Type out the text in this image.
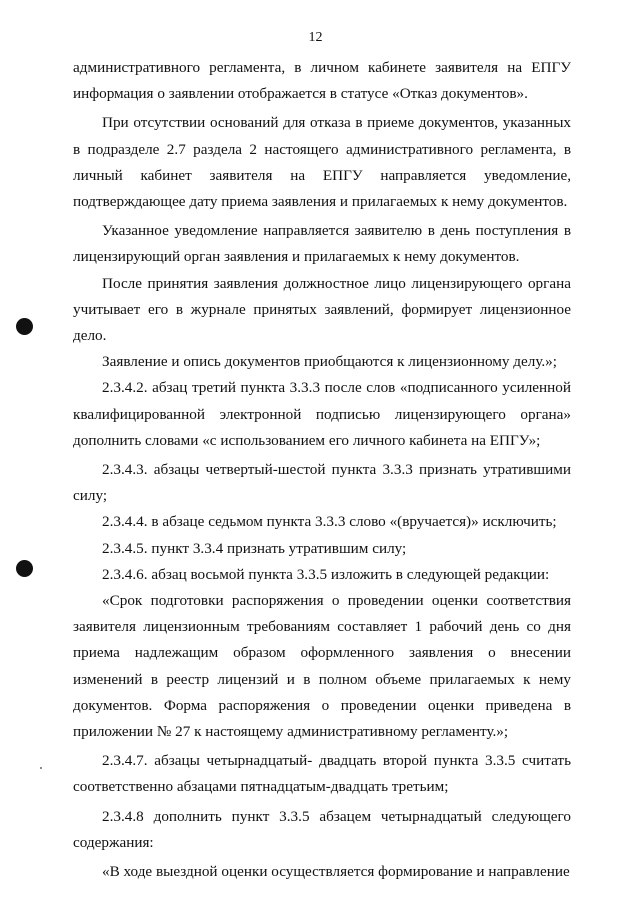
12

административного регламента, в личном кабинете заявителя на ЕПГУ информация о заявлении отображается в статусе «Отказ документов».

При отсутствии оснований для отказа в приеме документов, указанных в подразделе 2.7 раздела 2 настоящего административного регламента, в личный кабинет заявителя на ЕПГУ направляется уведомление, подтверждающее дату приема заявления и прилагаемых к нему документов.

Указанное уведомление направляется заявителю в день поступления в лицензирующий орган заявления и прилагаемых к нему документов.

После принятия заявления должностное лицо лицензирующего органа учитывает его в журнале принятых заявлений, формирует лицензионное дело.

Заявление и опись документов приобщаются к лицензионному делу.»;

2.3.4.2. абзац третий пункта 3.3.3 после слов «подписанного усиленной квалифицированной электронной подписью лицензирующего органа» дополнить словами «с использованием его личного кабинета на ЕПГУ»;

2.3.4.3. абзацы четвертый-шестой пункта 3.3.3 признать утратившими силу;

2.3.4.4. в абзаце седьмом пункта 3.3.3 слово «(вручается)» исключить;

2.3.4.5. пункт 3.3.4 признать утратившим силу;

2.3.4.6. абзац восьмой пункта 3.3.5 изложить в следующей редакции:

«Срок подготовки распоряжения о проведении оценки соответствия заявителя лицензионным требованиям составляет 1 рабочий день со дня приема надлежащим образом оформленного заявления о внесении изменений в реестр лицензий и в полном объеме прилагаемых к нему документов. Форма распоряжения о проведении оценки приведена в приложении № 27 к настоящему административному регламенту.»;

2.3.4.7. абзацы четырнадцатый- двадцать второй пункта 3.3.5 считать соответственно абзацами пятнадцатым-двадцать третьим;

2.3.4.8 дополнить пункт 3.3.5 абзацем четырнадцатый следующего содержания:

«В ходе выездной оценки осуществляется формирование и направление
